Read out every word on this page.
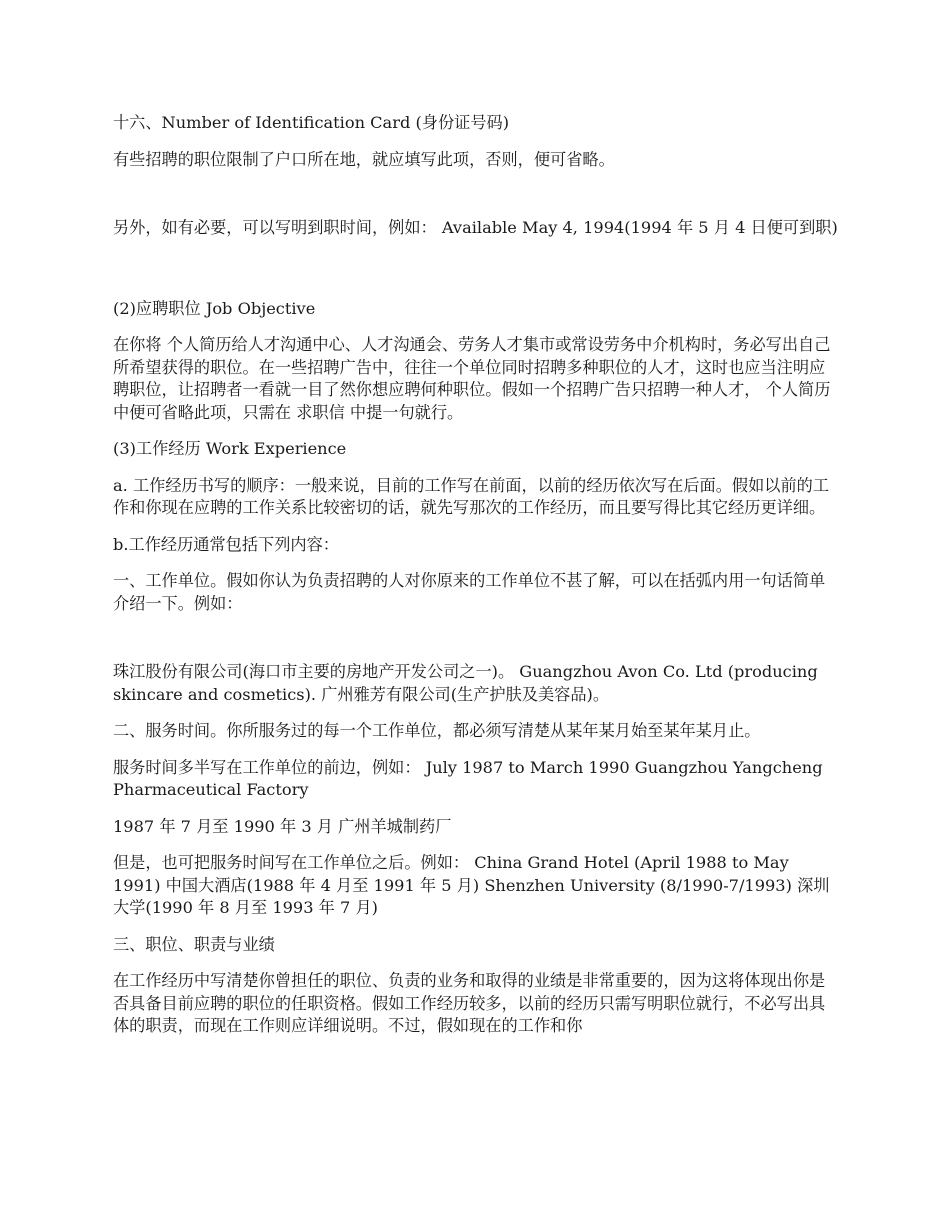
十六、Number of Identification Card (身份证号码)

有些招聘的职位限制了户口所在地，就应填写此项，否则，便可省略。

另外，如有必要，可以写明到职时间，例如： Available May 4, 1994(1994 年 5 月 4 日便可到职)

(2)应聘职位 Job Objective

在你将 个人简历给人才沟通中心、人才沟通会、劳务人才集市或常设劳务中介机构时，务必写出自己所希望获得的职位。在一些招聘广告中，往往一个单位同时招聘多种职位的人才，这时也应当注明应聘职位，让招聘者一看就一目了然你想应聘何种职位。假如一个招聘广告只招聘一种人才， 个人简历 中便可省略此项，只需在 求职信 中提一句就行。

(3)工作经历 Work Experience

a. 工作经历书写的顺序：一般来说，目前的工作写在前面，以前的经历依次写在后面。假如以前的工作和你现在应聘的工作关系比较密切的话，就先写那次的工作经历，而且要写得比其它经历更详细。

b.工作经历通常包括下列内容：

一、工作单位。假如你认为负责招聘的人对你原来的工作单位不甚了解，可以在括弧内用一句话简单介绍一下。例如：

珠江股份有限公司(海口市主要的房地产开发公司之一)。 Guangzhou Avon Co. Ltd (producing skincare and cosmetics). 广州雅芳有限公司(生产护肤及美容品)。

二、服务时间。你所服务过的每一个工作单位，都必须写清楚从某年某月始至某年某月止。

服务时间多半写在工作单位的前边，例如： July 1987 to March 1990 Guangzhou Yangcheng Pharmaceutical Factory

1987 年 7 月至 1990 年 3 月 广州羊城制药厂

但是，也可把服务时间写在工作单位之后。例如： China Grand Hotel (April 1988 to May 1991) 中国大酒店(1988 年 4 月至 1991 年 5 月) Shenzhen University (8/1990-7/1993) 深圳大学(1990 年 8 月至 1993 年 7 月)

三、职位、职责与业绩

在工作经历中写清楚你曾担任的职位、负责的业务和取得的业绩是非常重要的，因为这将体现出你是否具备目前应聘的职位的任职资格。假如工作经历较多，以前的经历只需写明职位就行，不必写出具体的职责，而现在工作则应详细说明。不过，假如现在的工作和你
